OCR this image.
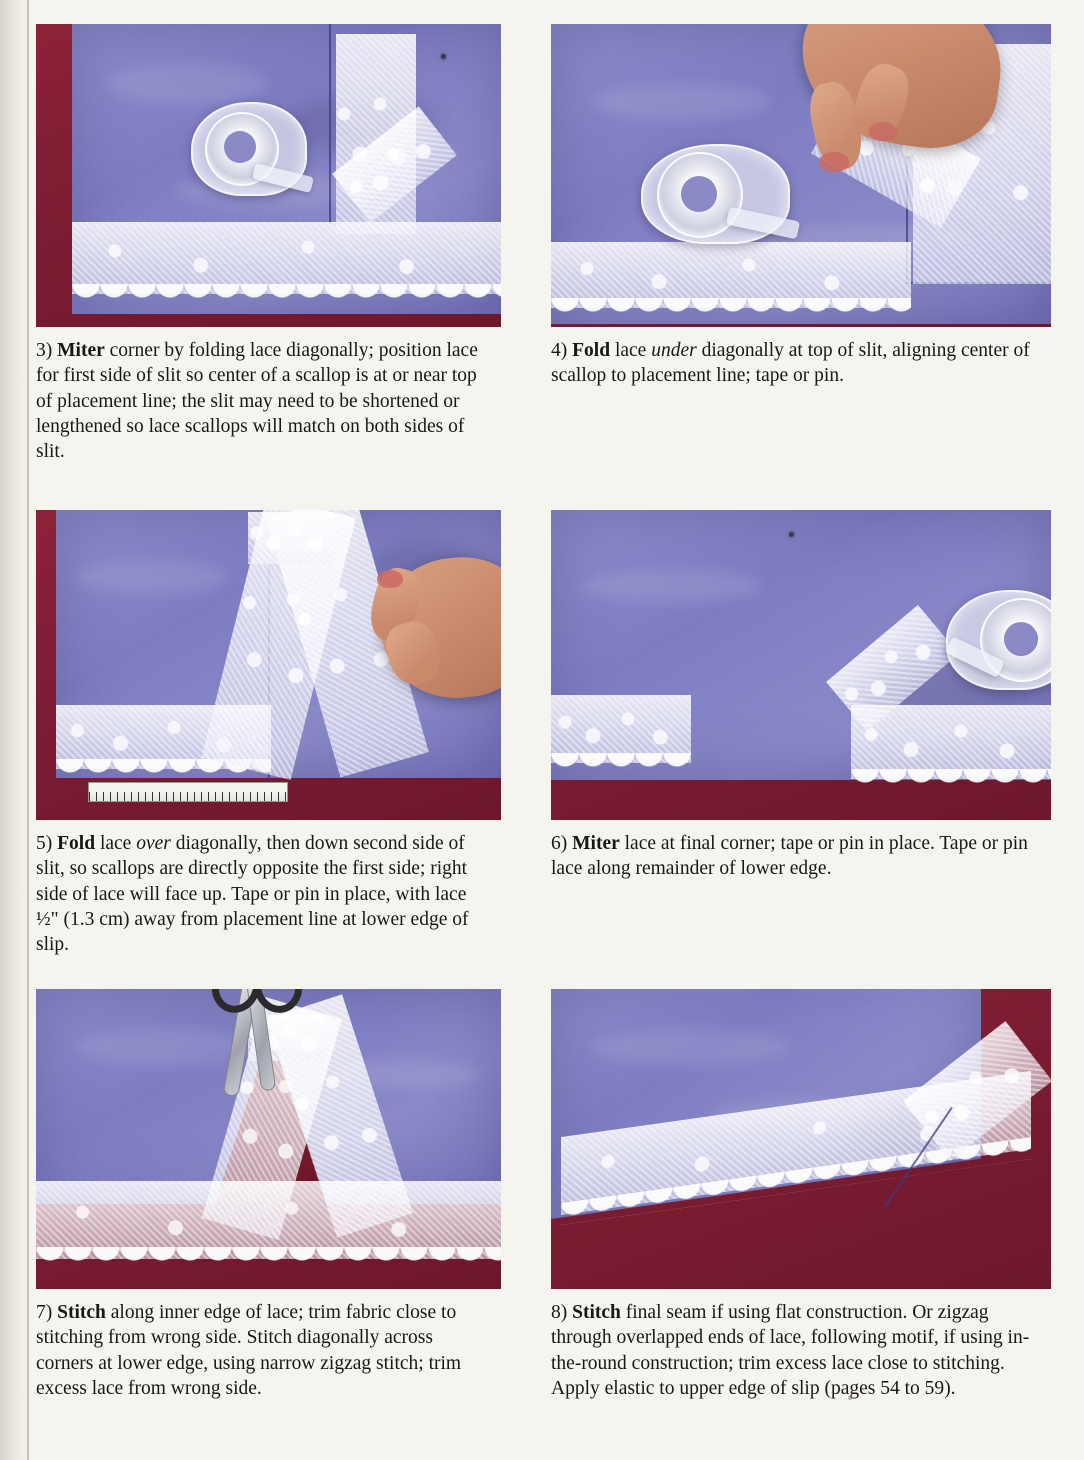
3) Miter corner by folding lace diagonally; position lace for first side of slit so center of a scallop is at or near top of placement line; the slit may need to be shortened or lengthened so lace scallops will match on both sides of slit.

4) Fold lace under diagonally at top of slit, aligning center of scallop to placement line; tape or pin.

5) Fold lace over diagonally, then down second side of slit, so scallops are directly opposite the first side; right side of lace will face up. Tape or pin in place, with lace ½" (1.3 cm) away from placement line at lower edge of slip.

6) Miter lace at final corner; tape or pin in place. Tape or pin lace along remainder of lower edge.

7) Stitch along inner edge of lace; trim fabric close to stitching from wrong side. Stitch diagonally across corners at lower edge, using narrow zigzag stitch; trim excess lace from wrong side.

8) Stitch final seam if using flat construction. Or zigzag through overlapped ends of lace, following motif, if using in-the-round construction; trim excess lace close to stitching. Apply elastic to upper edge of slip (pages 54 to 59).
